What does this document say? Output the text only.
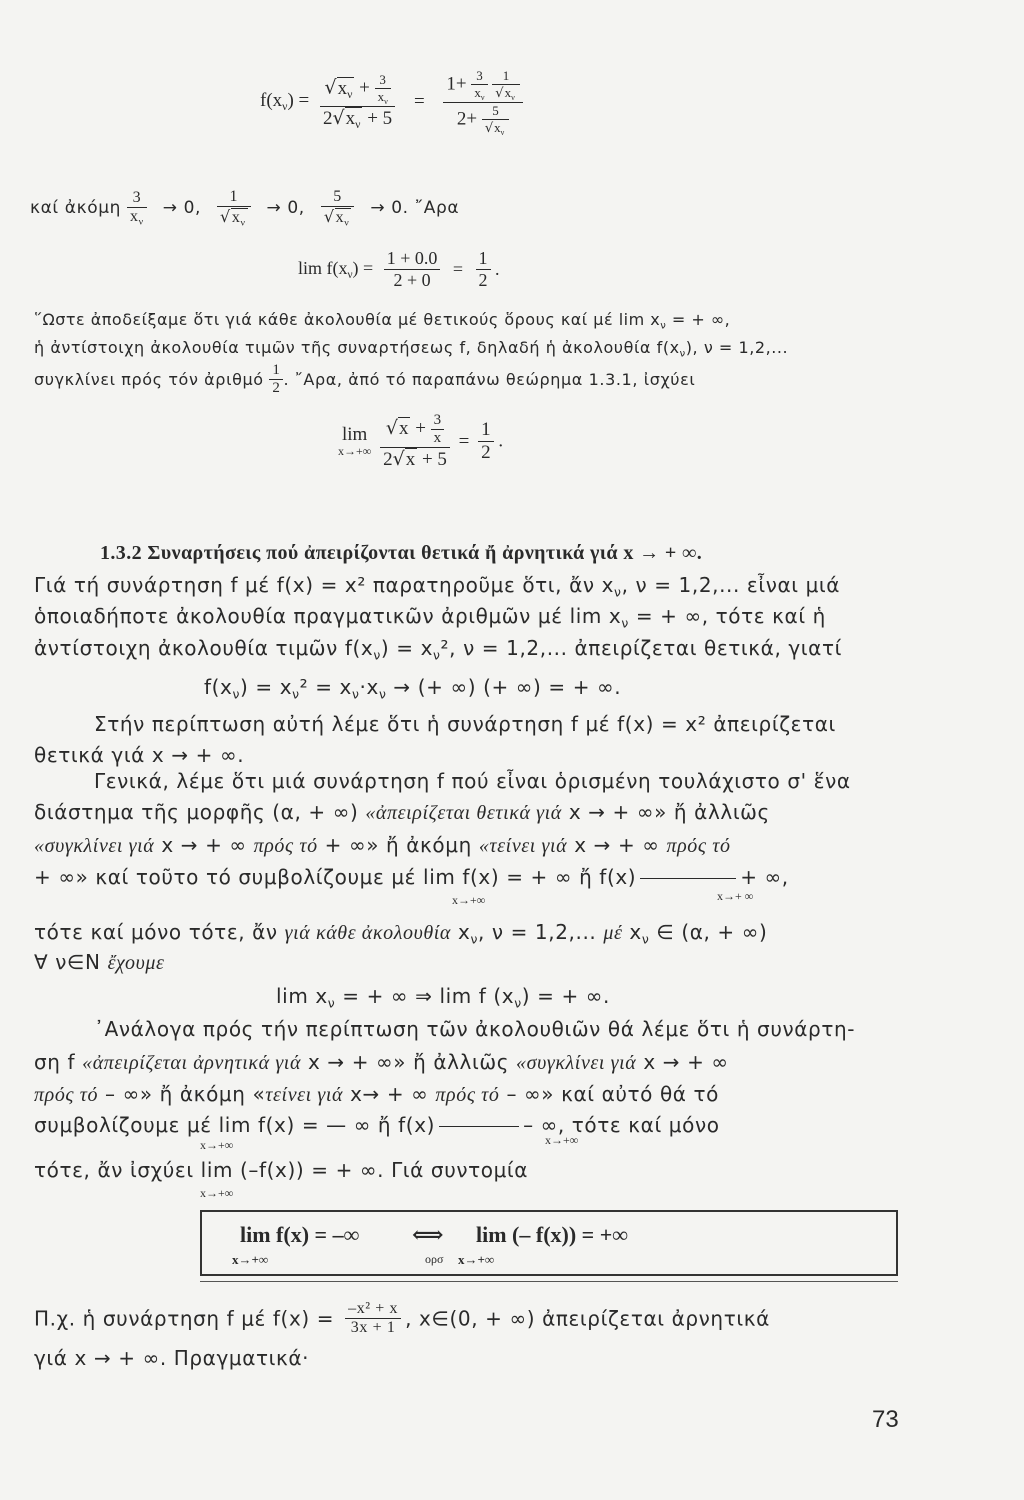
$f(x_\nu) = \frac{√x_\nu + \frac{3}{x_\nu}}{2√x_\nu + 5} = 1+ \frac{3}{x_\nu}$
$\frac{1}{√x_\nu}$
$2+ \frac{5}{√x_\nu}$
καί ἀκόμη $\frac{3}{x_\nu} \to 0$, $\frac{1}{√x_\nu} \to 0$, $\frac{5}{√x_\nu} \to 0$. ῎Αρα
$\lim f(x_\nu) = \frac{1 + 0.0}{2 + 0} = \frac{1}{2}$ .
῞Ωστε ἀποδείξαμε ὅτι γιά κάθε ἀκολουθία μέ θετικούς ὅρους καί μέ $\lim x_\nu$ = + ∞,
ἡ ἀντίστοιχη ἀκολουθία τιμῶν τῆς συναρτήσεως f, δηλαδή ἡ ἀκολουθία $f(x_\nu)$, ν = 1,2,...
συγκλίνει πρός τόν ἀριθμό $\frac{1}{2}$ . ῎Αρα, ἀπό τό παραπάνω θεώρημα 1.3.1, ἰσχύει
lim
x→+∞
$\frac{√x + \frac{3}{x}}{2√x + 5} = \frac{1}{2}$ .
1.3.2 Συναρτήσεις πού ἀπειρίζονται θετικά ἤ ἀρνητικά γιά x → + ∞.
Γιά τή συνάρτηση f μέ f(x) = x² παρατηροῦμε ὅτι, ἄν $x_\nu$, ν = 1,2,... εἶναι μιά
ὁποιαδήποτε ἀκολουθία πραγματικῶν ἀριθμῶν μέ $\lim x_\nu$ = + ∞, τότε καί ἡ
ἀντίστοιχη ἀκολουθία τιμῶν $f(x_\nu) = x_\nu^2$, ν = 1,2,... ἀπειρίζεται θετικά, γιατί
$f(x_\nu) = x_\nu^2 = x_\nu\cdot x_\nu$ → (+ ∞) (+ ∞) = + ∞.
Στήν περίπτωση αὐτή λέμε ὅτι ἡ συνάρτηση f μέ f(x) = x² ἀπειρίζεται
θετικά γιά x → + ∞.
Γενικά, λέμε ὅτι μιά συνάρτηση f πού εἶναι ὁρισμένη τουλάχιστο σ' ἕνα
διάστημα τῆς μορφῆς (α, + ∞) «ἀπειρίζεται θετικά γιά x → + ∞» ἤ ἀλλιῶς
«συγκλίνει γιά x → + ∞ πρός τό + ∞» ἤ ἀκόμη «τείνει γιά x → + ∞ πρός τό
+ ∞» καί τοῦτο τό συμβολίζουμε μέ lim f(x) = + ∞ ἤ f(x)	+ ∞,
x→+∞	x→+ ∞
τότε καί μόνο τότε, ἄν γιά κάθε ἀκολουθία $x_\nu$, ν = 1,2,... μέ $x_\nu$ ∈ (α, + ∞)
∀ ν∈N ἔχουμε
$\lim x_\nu$ = + ∞ ⇒ lim f $(x_\nu)$ = + ∞.
᾿Ανάλογα πρός τήν περίπτωση τῶν ἀκολουθιῶν θά λέμε ὅτι ἡ συνάρτη-
ση f «ἀπειρίζεται ἀρνητικά γιά x → + ∞» ἤ ἀλλιῶς «συγκλίνει γιά x → + ∞
πρός τό – ∞» ἤ ἀκόμη «τείνει γιά x→ + ∞ πρός τό – ∞» καί αὐτό θά τό
συμβολίζουμε μέ lim f(x) = — ∞ ἤ f(x)	– ∞, τότε καί μόνο
x→+∞	x→+∞
τότε, ἄν ἰσχύει lim (–f(x)) = + ∞. Γιά συντομία
x→+∞
lim f(x) = –∞
x→+∞
⟺
ορσ
lim (– f(x)) = +∞
x→+∞
Π.χ. ἡ συνάρτηση f μέ $f(x) = \frac{\text{–x² + x}}{3x + 1}$ , x∈(0, + ∞) ἀπειρίζεται ἀρνητικά
γιά x → + ∞. Πραγματικά·
73
